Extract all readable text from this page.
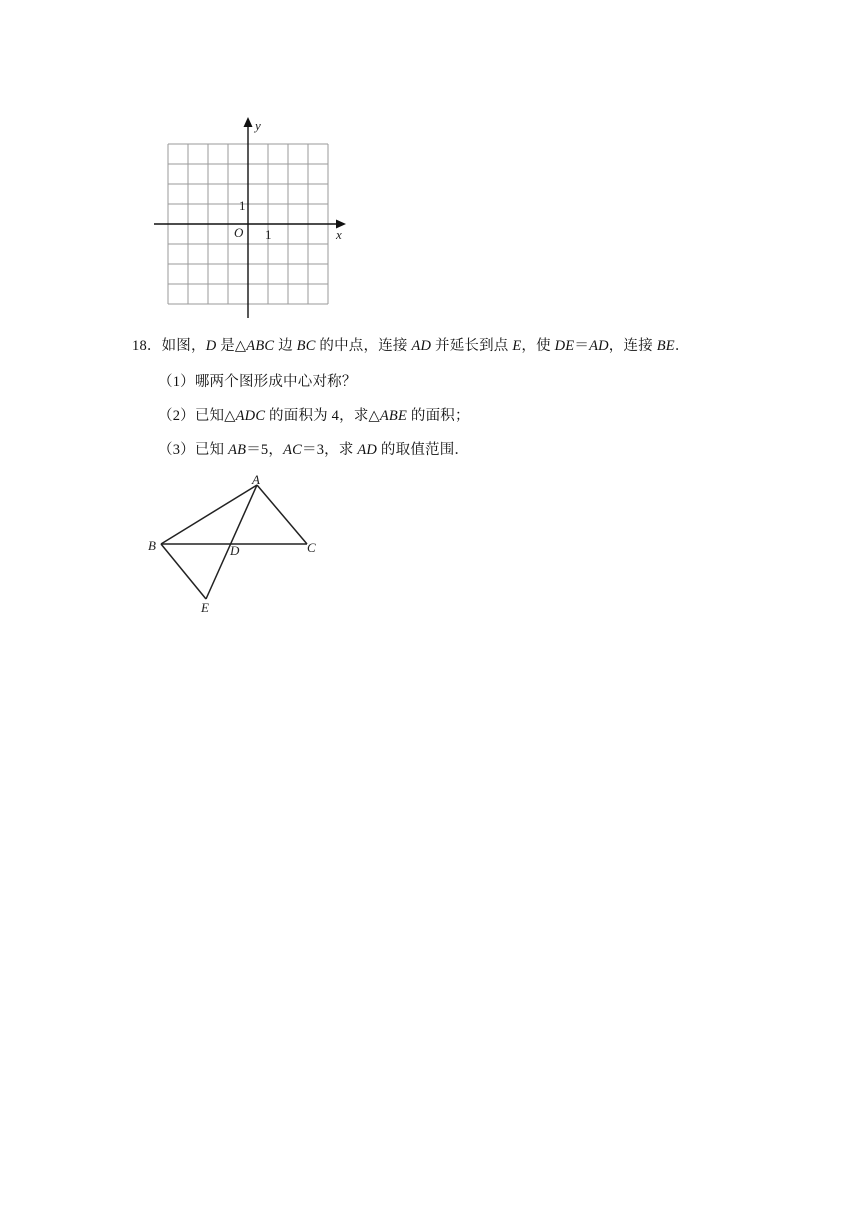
y
x
O 1
1
18．如图，D 是△ABC 边 BC 的中点，连接 AD 并延长到点 E，使 DE＝AD，连接 BE．
（1）哪两个图形成中心对称？
（2）已知△ADC 的面积为 4，求△ABE 的面积；
（3）已知 AB＝5，AC＝3，求 AD 的取值范围．
A
B	C
D
E
